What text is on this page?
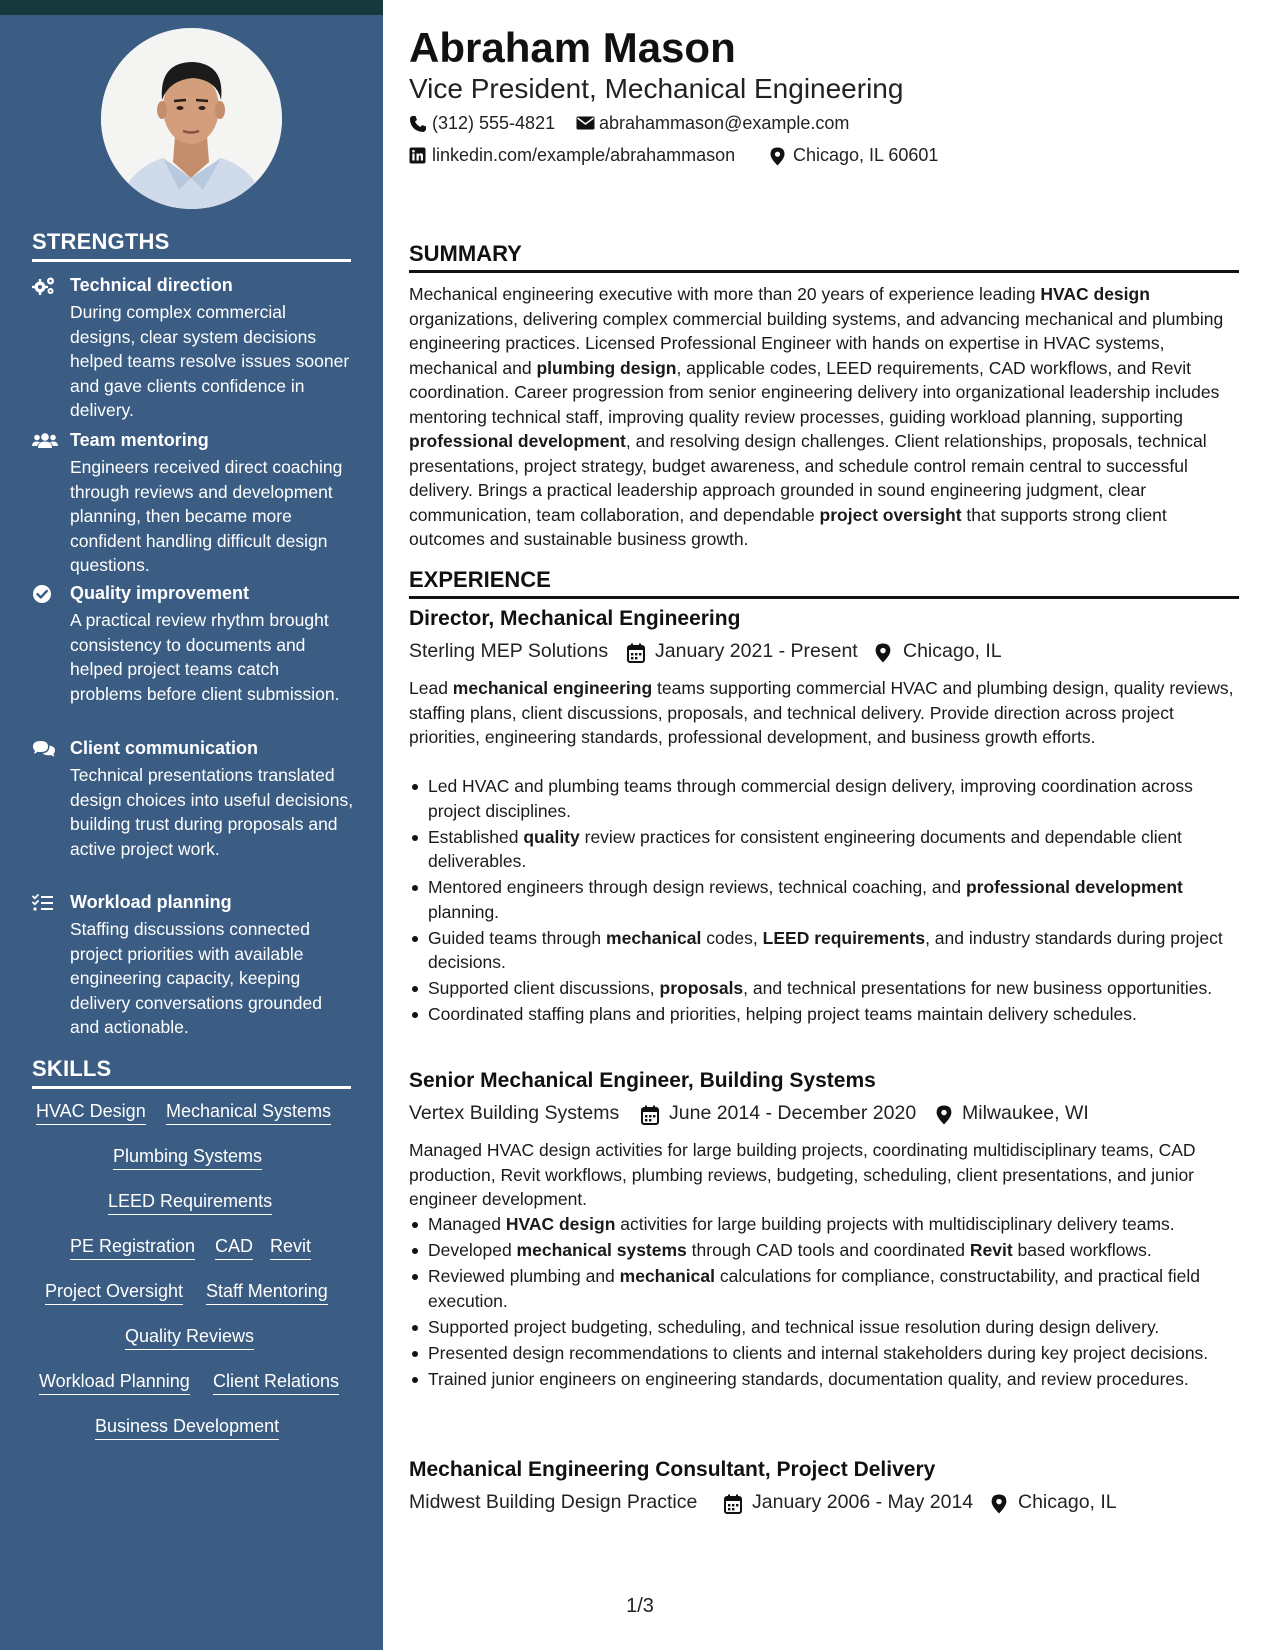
STRENGTHS
Technical direction
During complex commercial designs, clear system decisions helped teams resolve issues sooner and gave clients confidence in delivery.
Team mentoring
Engineers received direct coaching through reviews and development planning, then became more confident handling difficult design questions.
Quality improvement
A practical review rhythm brought consistency to documents and helped project teams catch problems before client submission.
Client communication
Technical presentations translated design choices into useful decisions, building trust during proposals and active project work.
Workload planning
Staffing discussions connected project priorities with available engineering capacity, keeping delivery conversations grounded and actionable.
SKILLS
HVAC Design Mechanical Systems
Plumbing Systems
LEED Requirements
PE Registration CAD Revit
Project Oversight Staff Mentoring
Quality Reviews
Workload Planning Client Relations
Business Development
Abraham Mason
Vice President, Mechanical Engineering
(312) 555-4821 abrahammason@example.com
linkedin.com/example/abrahammason	Chicago, IL 60601
SUMMARY
Mechanical engineering executive with more than 20 years of experience leading HVAC design organizations, delivering complex commercial building systems, and advancing mechanical and plumbing engineering practices. Licensed Professional Engineer with hands on expertise in HVAC systems, mechanical and plumbing design, applicable codes, LEED requirements, CAD workflows, and Revit coordination. Career progression from senior engineering delivery into organizational leadership includes mentoring technical staff, improving quality review processes, guiding workload planning, supporting professional development, and resolving design challenges. Client relationships, proposals, technical presentations, project strategy, budget awareness, and schedule control remain central to successful delivery. Brings a practical leadership approach grounded in sound engineering judgment, clear communication, team collaboration, and dependable project oversight that supports strong client outcomes and sustainable business growth.
EXPERIENCE
Director, Mechanical Engineering
Sterling MEP Solutions January 2021 - Present Chicago, IL
Lead mechanical engineering teams supporting commercial HVAC and plumbing design, quality reviews, staffing plans, client discussions, proposals, and technical delivery. Provide direction across project priorities, engineering standards, professional development, and business growth efforts.
Led HVAC and plumbing teams through commercial design delivery, improving coordination across project disciplines.
Established quality review practices for consistent engineering documents and dependable client deliverables.
Mentored engineers through design reviews, technical coaching, and professional development planning.
Guided teams through mechanical codes, LEED requirements, and industry standards during project decisions.
Supported client discussions, proposals, and technical presentations for new business opportunities.
Coordinated staffing plans and priorities, helping project teams maintain delivery schedules.
Senior Mechanical Engineer, Building Systems
Vertex Building Systems	June 2014 - December 2020 Milwaukee, WI
Managed HVAC design activities for large building projects, coordinating multidisciplinary teams, CAD production, Revit workflows, plumbing reviews, budgeting, scheduling, client presentations, and junior engineer development.
Managed HVAC design activities for large building projects with multidisciplinary delivery teams.
Developed mechanical systems through CAD tools and coordinated Revit based workflows.
Reviewed plumbing and mechanical calculations for compliance, constructability, and practical field execution.
Supported project budgeting, scheduling, and technical issue resolution during design delivery.
Presented design recommendations to clients and internal stakeholders during key project decisions.
Trained junior engineers on engineering standards, documentation quality, and review procedures.
Mechanical Engineering Consultant, Project Delivery
Midwest Building Design Practice	January 2006 - May 2014 Chicago, IL
1/3
